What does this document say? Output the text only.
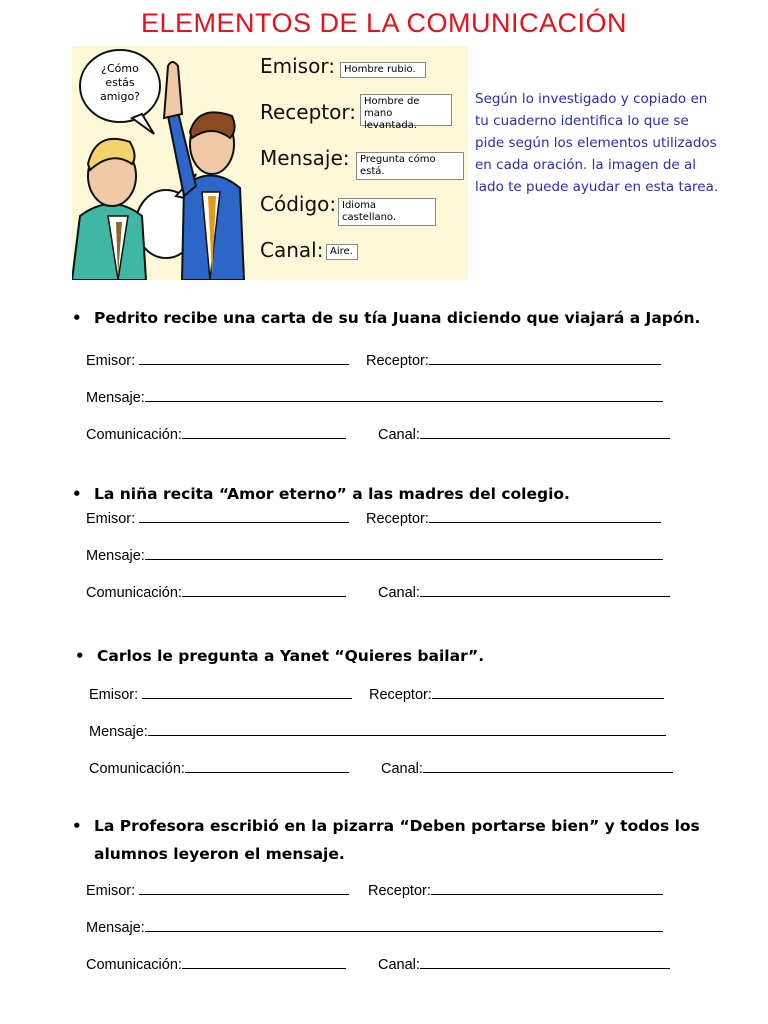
ELEMENTOS DE LA COMUNICACIÓN
¿Cómo
estás
amigo?
Emisor: Hombre rubio.
Receptor: Hombre de mano levantada.
Mensaje:	Pregunta cómo está.
Código: Idioma castellano.
Canal: Aire.
Según lo investigado y copiado en tu cuaderno identifica lo que se pide según los elementos utilizados en cada oración. la imagen de al lado te puede ayudar en esta tarea.
• Pedrito recibe una carta de su tía Juana diciendo que viajará a Japón.
Emisor:	Receptor:
Mensaje:
Comunicación:	Canal:
• La niña recita “Amor eterno” a las madres del colegio.
Emisor:	Receptor:
Mensaje:
Comunicación:	Canal:
• Carlos le pregunta a Yanet “Quieres bailar”.
Emisor:	Receptor:
Mensaje:
Comunicación:	Canal:
• La Profesora escribió en la pizarra “Deben portarse bien” y todos los alumnos leyeron el mensaje.
Emisor:	Receptor:
Mensaje:
Comunicación:	Canal:
